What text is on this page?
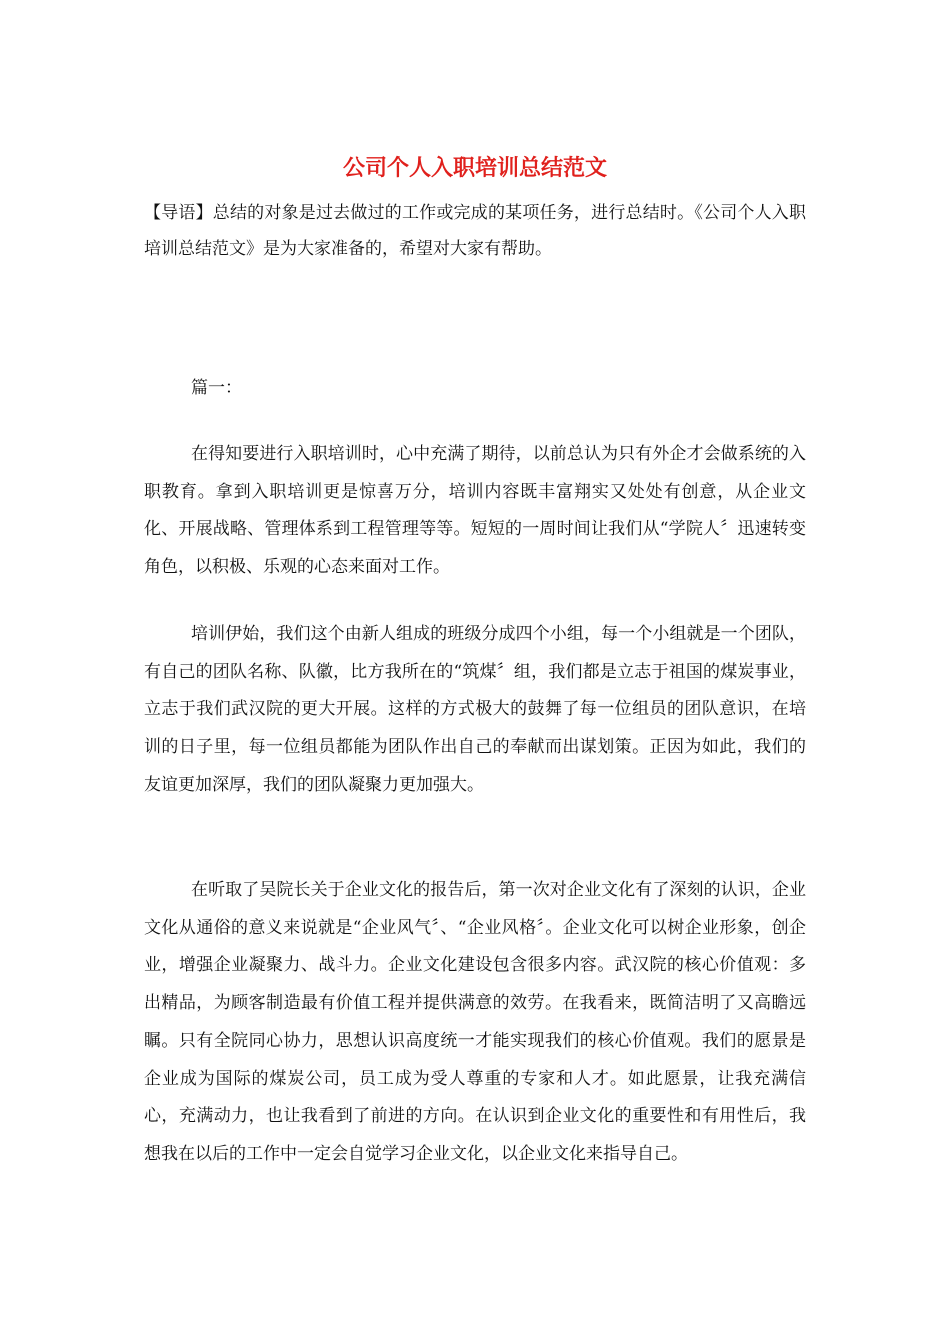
公司个人入职培训总结范文

【导语】总结的对象是过去做过的工作或完成的某项任务，进行总结时。《公司个人入职培训总结范文》是为大家准备的，希望对大家有帮助。

篇一：

在得知要进行入职培训时，心中充满了期待，以前总认为只有外企才会做系统的入职教育。拿到入职培训更是惊喜万分，培训内容既丰富翔实又处处有创意，从企业文化、开展战略、管理体系到工程管理等等。短短的一周时间让我们从“学院人〞迅速转变角色，以积极、乐观的心态来面对工作。

培训伊始，我们这个由新人组成的班级分成四个小组，每一个小组就是一个团队，有自己的团队名称、队徽，比方我所在的“筑煤〞组，我们都是立志于祖国的煤炭事业，立志于我们武汉院的更大开展。这样的方式极大的鼓舞了每一位组员的团队意识，在培训的日子里，每一位组员都能为团队作出自己的奉献而出谋划策。正因为如此，我们的友谊更加深厚，我们的团队凝聚力更加强大。

在听取了吴院长关于企业文化的报告后，第一次对企业文化有了深刻的认识，企业文化从通俗的意义来说就是“企业风气〞、“企业风格〞。企业文化可以树企业形象，创企业，增强企业凝聚力、战斗力。企业文化建设包含很多内容。武汉院的核心价值观：多出精品，为顾客制造最有价值工程并提供满意的效劳。在我看来，既简洁明了又高瞻远瞩。只有全院同心协力，思想认识高度统一才能实现我们的核心价值观。我们的愿景是企业成为国际的煤炭公司，员工成为受人尊重的专家和人才。如此愿景，让我充满信心，充满动力，也让我看到了前进的方向。在认识到企业文化的重要性和有用性后，我想我在以后的工作中一定会自觉学习企业文化，以企业文化来指导自己。
